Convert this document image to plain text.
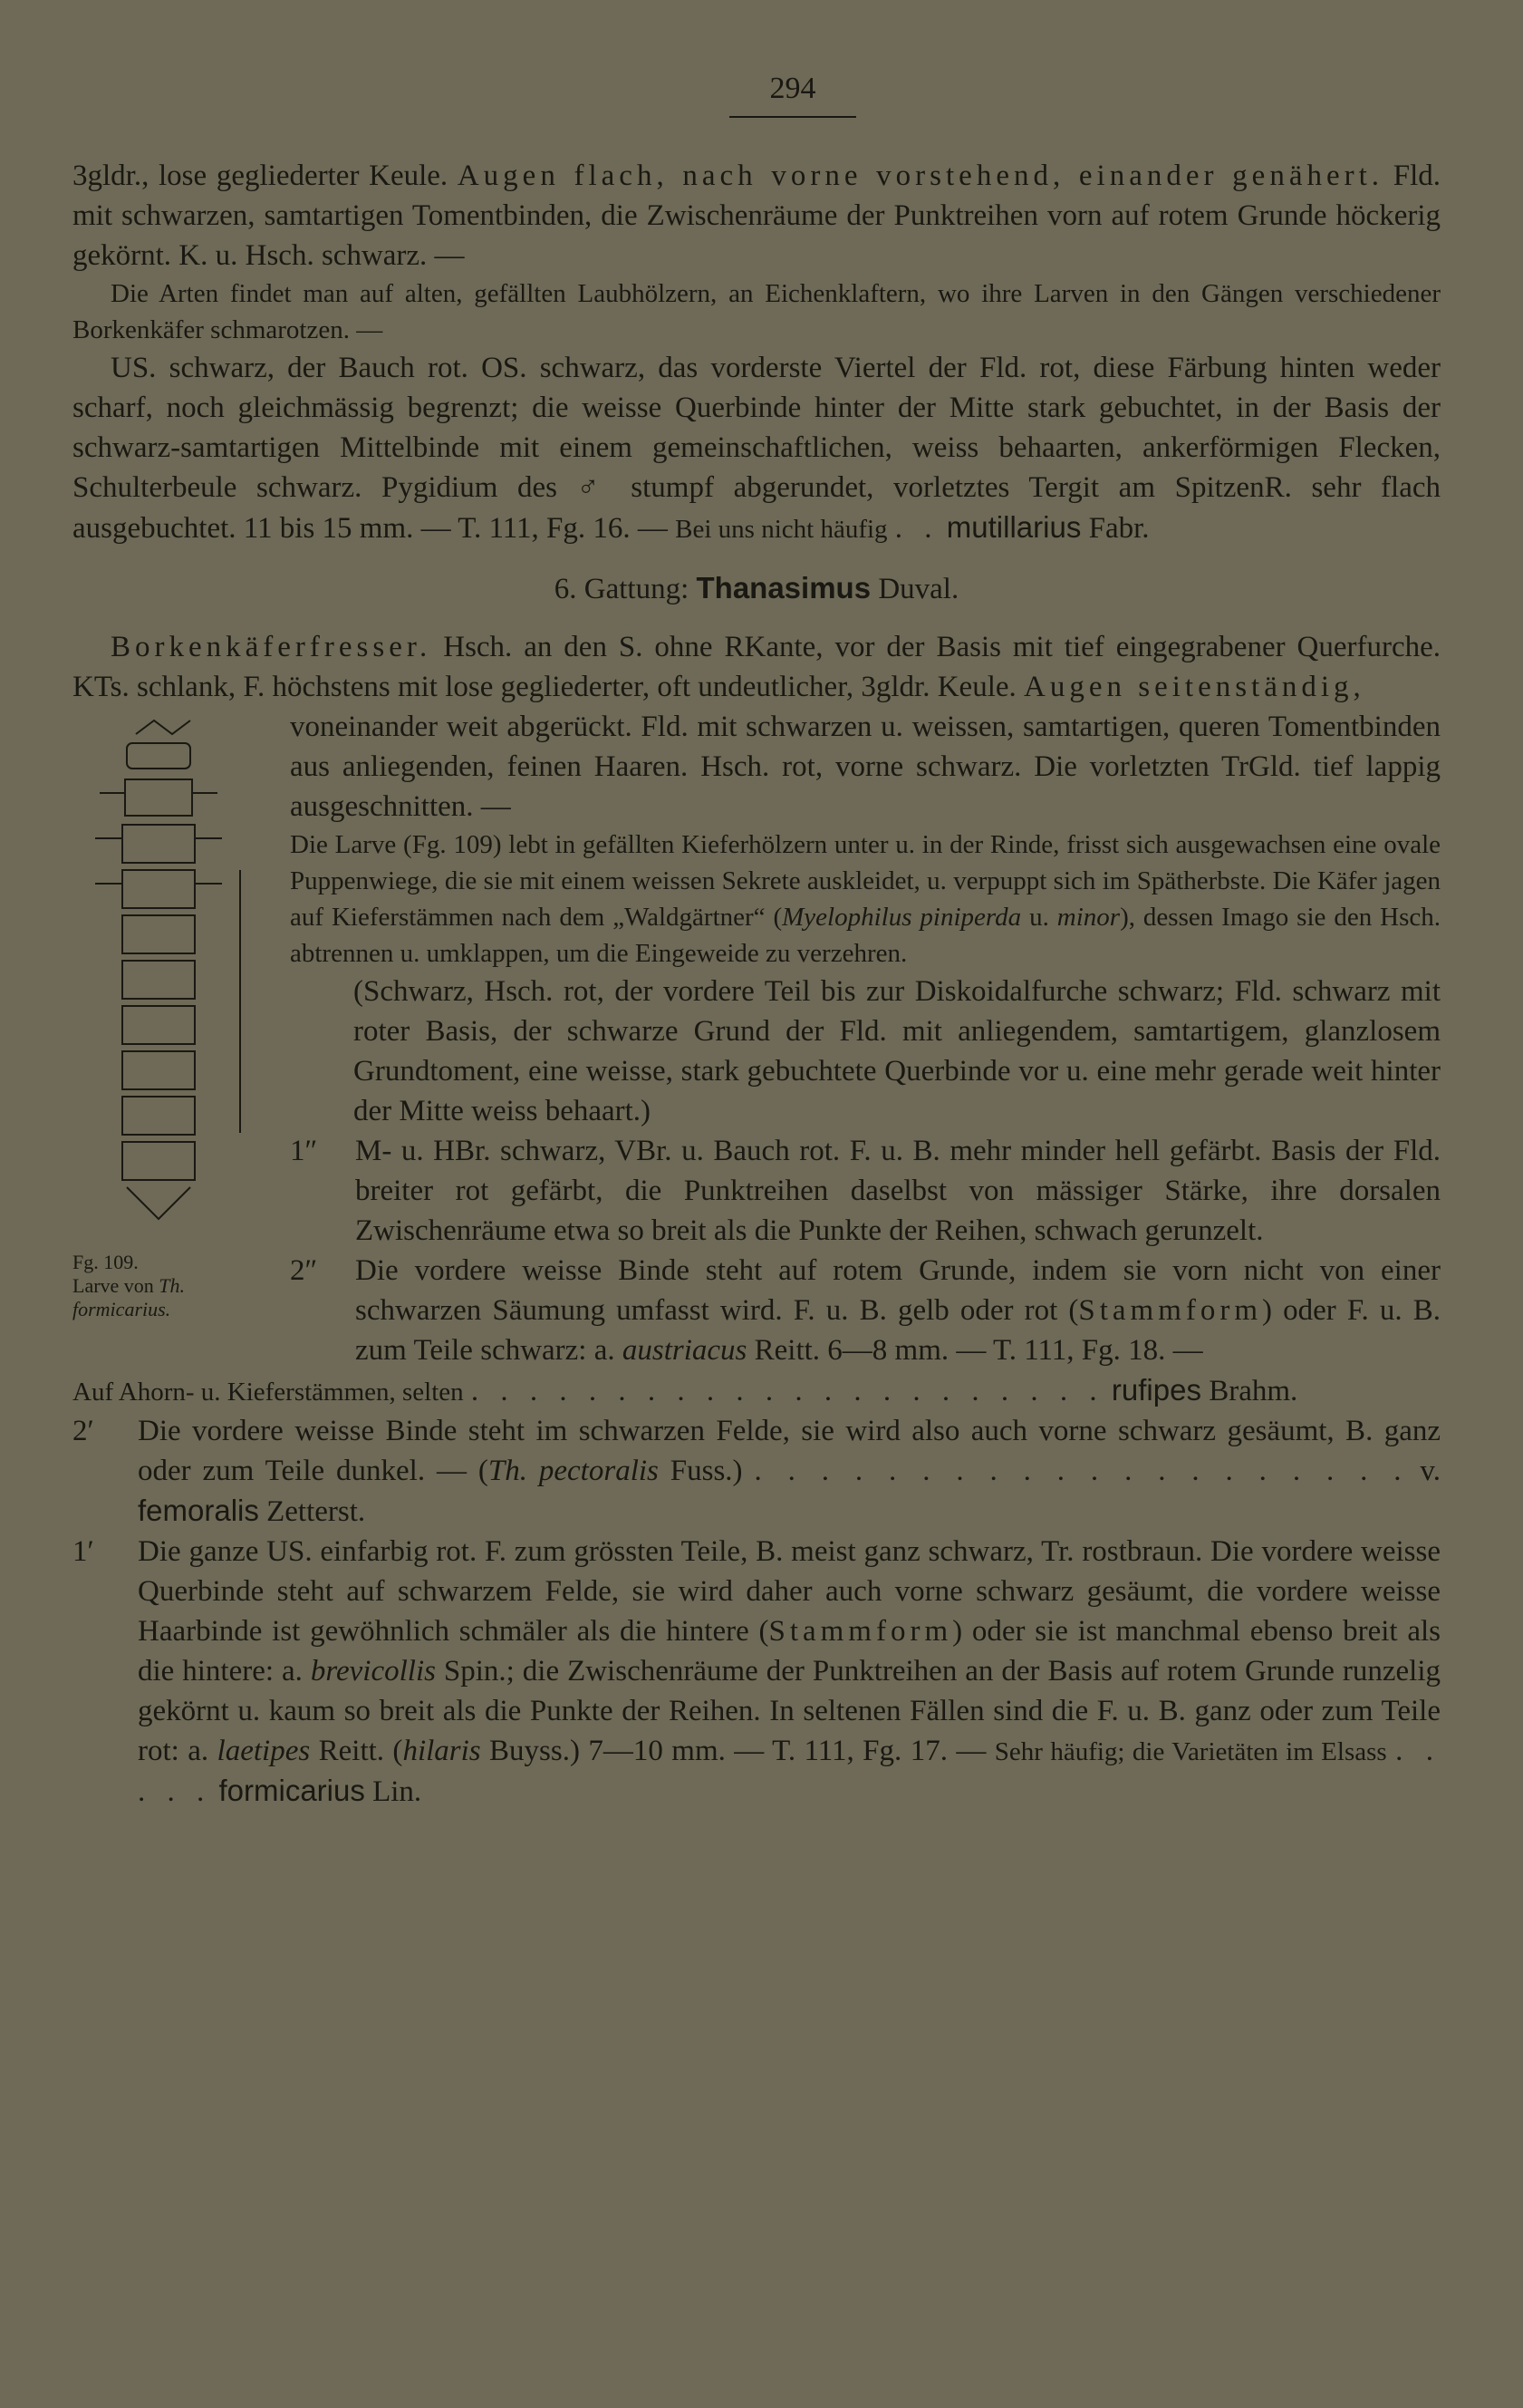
294

3gldr., lose gegliederter Keule. Augen flach, nach vorne vorstehend, einander genähert. Fld. mit schwarzen, samtartigen Tomentbinden, die Zwischenräume der Punktreihen vorn auf rotem Grunde höckerig gekörnt. K. u. Hsch. schwarz. —

Die Arten findet man auf alten, gefällten Laubhölzern, an Eichenklaftern, wo ihre Larven in den Gängen verschiedener Borkenkäfer schmarotzen. —

US. schwarz, der Bauch rot. OS. schwarz, das vorderste Viertel der Fld. rot, diese Färbung hinten weder scharf, noch gleichmässig begrenzt; die weisse Querbinde hinter der Mitte stark gebuchtet, in der Basis der schwarz-samtartigen Mittelbinde mit einem gemeinschaftlichen, weiss behaarten, ankerförmigen Flecken, Schulterbeule schwarz. Pygidium des ♂ stumpf abgerundet, vorletztes Tergit am SpitzenR. sehr flach ausgebuchtet. 11 bis 15 mm. — T. 111, Fg. 16. — Bei uns nicht häufig . . mutillarius Fabr.

6. Gattung: Thanasimus Duval.

Borkenkäferfresser. Hsch. an den S. ohne RKante, vor der Basis mit tief eingegrabener Querfurche. KTs. schlank, F. höchstens mit lose gegliederter, oft undeutlicher, 3gldr. Keule. Augen seitenständig,

Fg. 109.
Larve von Th. formicarius.

voneinander weit abgerückt. Fld. mit schwarzen u. weissen, samtartigen, queren Tomentbinden aus anliegenden, feinen Haaren. Hsch. rot, vorne schwarz. Die vorletzten TrGld. tief lappig ausgeschnitten. —

Die Larve (Fg. 109) lebt in gefällten Kieferhölzern unter u. in der Rinde, frisst sich ausgewachsen eine ovale Puppenwiege, die sie mit einem weissen Sekrete auskleidet, u. verpuppt sich im Spätherbste. Die Käfer jagen auf Kieferstämmen nach dem „Waldgärtner“ (Myelophilus piniperda u. minor), dessen Imago sie den Hsch. abtrennen u. umklappen, um die Eingeweide zu verzehren.

(Schwarz, Hsch. rot, der vordere Teil bis zur Diskoidalfurche schwarz; Fld. schwarz mit roter Basis, der schwarze Grund der Fld. mit anliegendem, samtartigem, glanzlosem Grundtoment, eine weisse, stark gebuchtete Querbinde vor u. eine mehr gerade weit hinter der Mitte weiss behaart.)

1″ M- u. HBr. schwarz, VBr. u. Bauch rot. F. u. B. mehr minder hell gefärbt. Basis der Fld. breiter rot gefärbt, die Punktreihen daselbst von mässiger Stärke, ihre dorsalen Zwischenräume etwa so breit als die Punkte der Reihen, schwach gerunzelt.

2″ Die vordere weisse Binde steht auf rotem Grunde, indem sie vorn nicht von einer schwarzen Säumung umfasst wird. F. u. B. gelb oder rot (Stammform) oder F. u. B. zum Teile schwarz: a. austriacus Reitt. 6—8 mm. — T. 111, Fg. 18. —

Auf Ahorn- u. Kieferstämmen, selten . . . . . . . . . . . . . . . . . . . . . . rufipes Brahm.

2′ Die vordere weisse Binde steht im schwarzen Felde, sie wird also auch vorne schwarz gesäumt, B. ganz oder zum Teile dunkel. — (Th. pectoralis Fuss.) . . . . . . . . . . . . . . . . . . . . v. femoralis Zetterst.

1′ Die ganze US. einfarbig rot. F. zum grössten Teile, B. meist ganz schwarz, Tr. rostbraun. Die vordere weisse Querbinde steht auf schwarzem Felde, sie wird daher auch vorne schwarz gesäumt, die vordere weisse Haarbinde ist gewöhnlich schmäler als die hintere (Stammform) oder sie ist manchmal ebenso breit als die hintere: a. brevicollis Spin.; die Zwischenräume der Punktreihen an der Basis auf rotem Grunde runzelig gekörnt u. kaum so breit als die Punkte der Reihen. In seltenen Fällen sind die F. u. B. ganz oder zum Teile rot: a. laetipes Reitt. (hilaris Buyss.) 7—10 mm. — T. 111, Fg. 17. — Sehr häufig; die Varietäten im Elsass . . . . . formicarius Lin.
